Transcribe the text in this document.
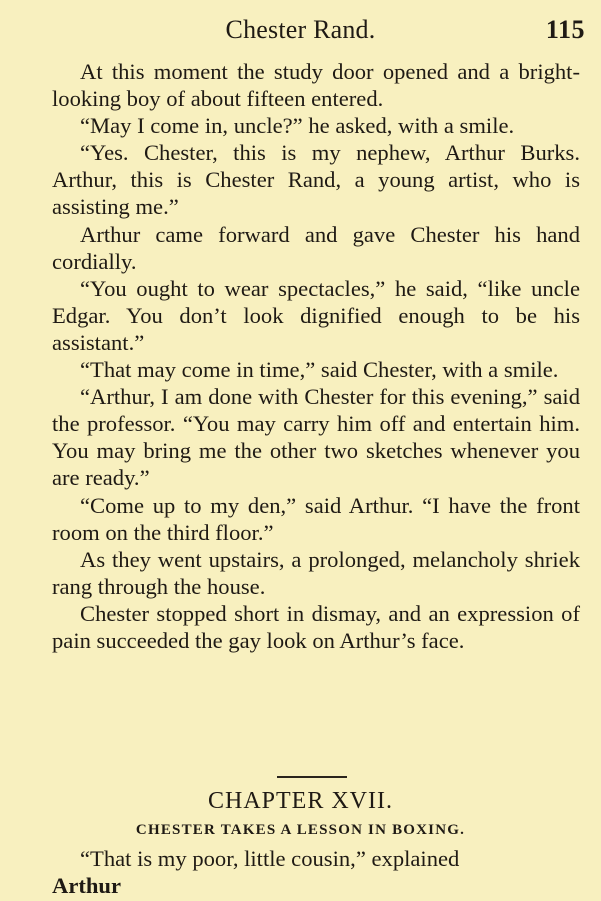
Chester Rand.	115

At this moment the study door opened and a bright-looking boy of about fifteen entered.

“May I come in, uncle?” he asked, with a smile.

“Yes. Chester, this is my nephew, Arthur Burks. Arthur, this is Chester Rand, a young artist, who is assisting me.”

Arthur came forward and gave Chester his hand cordially.

“You ought to wear spectacles,” he said, “like uncle Edgar. You don’t look dignified enough to be his assistant.”

“That may come in time,” said Chester, with a smile.

“Arthur, I am done with Chester for this evening,” said the professor. “You may carry him off and entertain him. You may bring me the other two sketches whenever you are ready.”

“Come up to my den,” said Arthur. “I have the front room on the third floor.”

As they went upstairs, a prolonged, melancholy shriek rang through the house.

Chester stopped short in dismay, and an expression of pain succeeded the gay look on Arthur’s face.

CHAPTER XVII.
CHESTER TAKES A LESSON IN BOXING.

“That is my poor, little cousin,” explained

Arthur
